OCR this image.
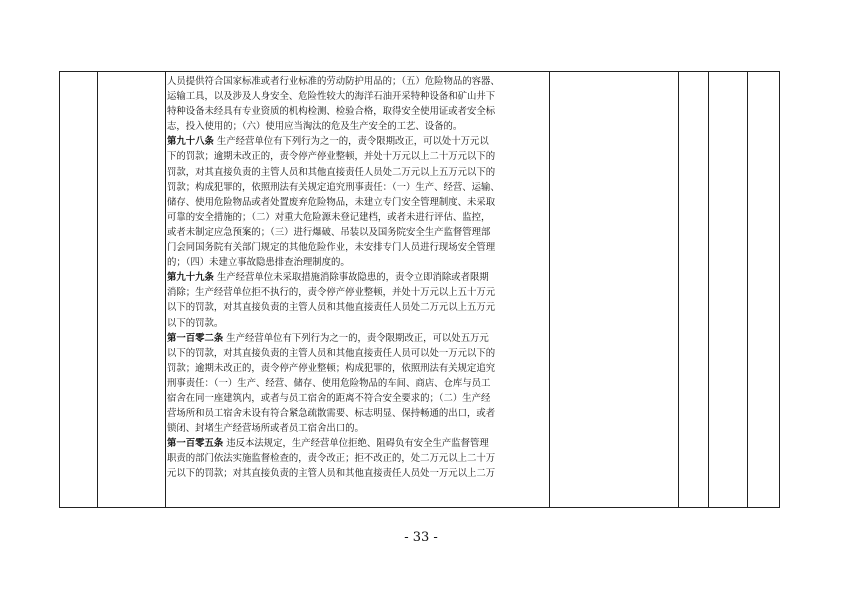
人员提供符合国家标准或者行业标准的劳动防护用品的；（五）危险物品的容器、
运输工具，以及涉及人身安全、危险性较大的海洋石油开采特种设备和矿山井下
特种设备未经具有专业资质的机构检测、检验合格，取得安全使用证或者安全标
志，投入使用的；（六）使用应当淘汰的危及生产安全的工艺、设备的。
第九十八条 生产经营单位有下列行为之一的，责令限期改正，可以处十万元以
下的罚款；逾期未改正的，责令停产停业整顿，并处十万元以上二十万元以下的
罚款，对其直接负责的主管人员和其他直接责任人员处二万元以上五万元以下的
罚款；构成犯罪的，依照刑法有关规定追究刑事责任：（一）生产、经营、运输、
储存、使用危险物品或者处置废弃危险物品，未建立专门安全管理制度、未采取
可靠的安全措施的；（二）对重大危险源未登记建档，或者未进行评估、监控，
或者未制定应急预案的；（三）进行爆破、吊装以及国务院安全生产监督管理部
门会同国务院有关部门规定的其他危险作业，未安排专门人员进行现场安全管理
的；（四）未建立事故隐患排查治理制度的。
第九十九条 生产经营单位未采取措施消除事故隐患的，责令立即消除或者限期
消除；生产经营单位拒不执行的，责令停产停业整顿，并处十万元以上五十万元
以下的罚款，对其直接负责的主管人员和其他直接责任人员处二万元以上五万元
以下的罚款。
第一百零二条 生产经营单位有下列行为之一的，责令限期改正，可以处五万元
以下的罚款，对其直接负责的主管人员和其他直接责任人员可以处一万元以下的
罚款；逾期未改正的，责令停产停业整顿；构成犯罪的，依照刑法有关规定追究
刑事责任：（一）生产、经营、储存、使用危险物品的车间、商店、仓库与员工
宿舍在同一座建筑内，或者与员工宿舍的距离不符合安全要求的；（二）生产经
营场所和员工宿舍未设有符合紧急疏散需要、标志明显、保持畅通的出口，或者
锁闭、封堵生产经营场所或者员工宿舍出口的。
第一百零五条 违反本法规定，生产经营单位拒绝、阻碍负有安全生产监督管理
职责的部门依法实施监督检查的，责令改正；拒不改正的，处二万元以上二十万
元以下的罚款；对其直接负责的主管人员和其他直接责任人员处一万元以上二万
- 33 -
